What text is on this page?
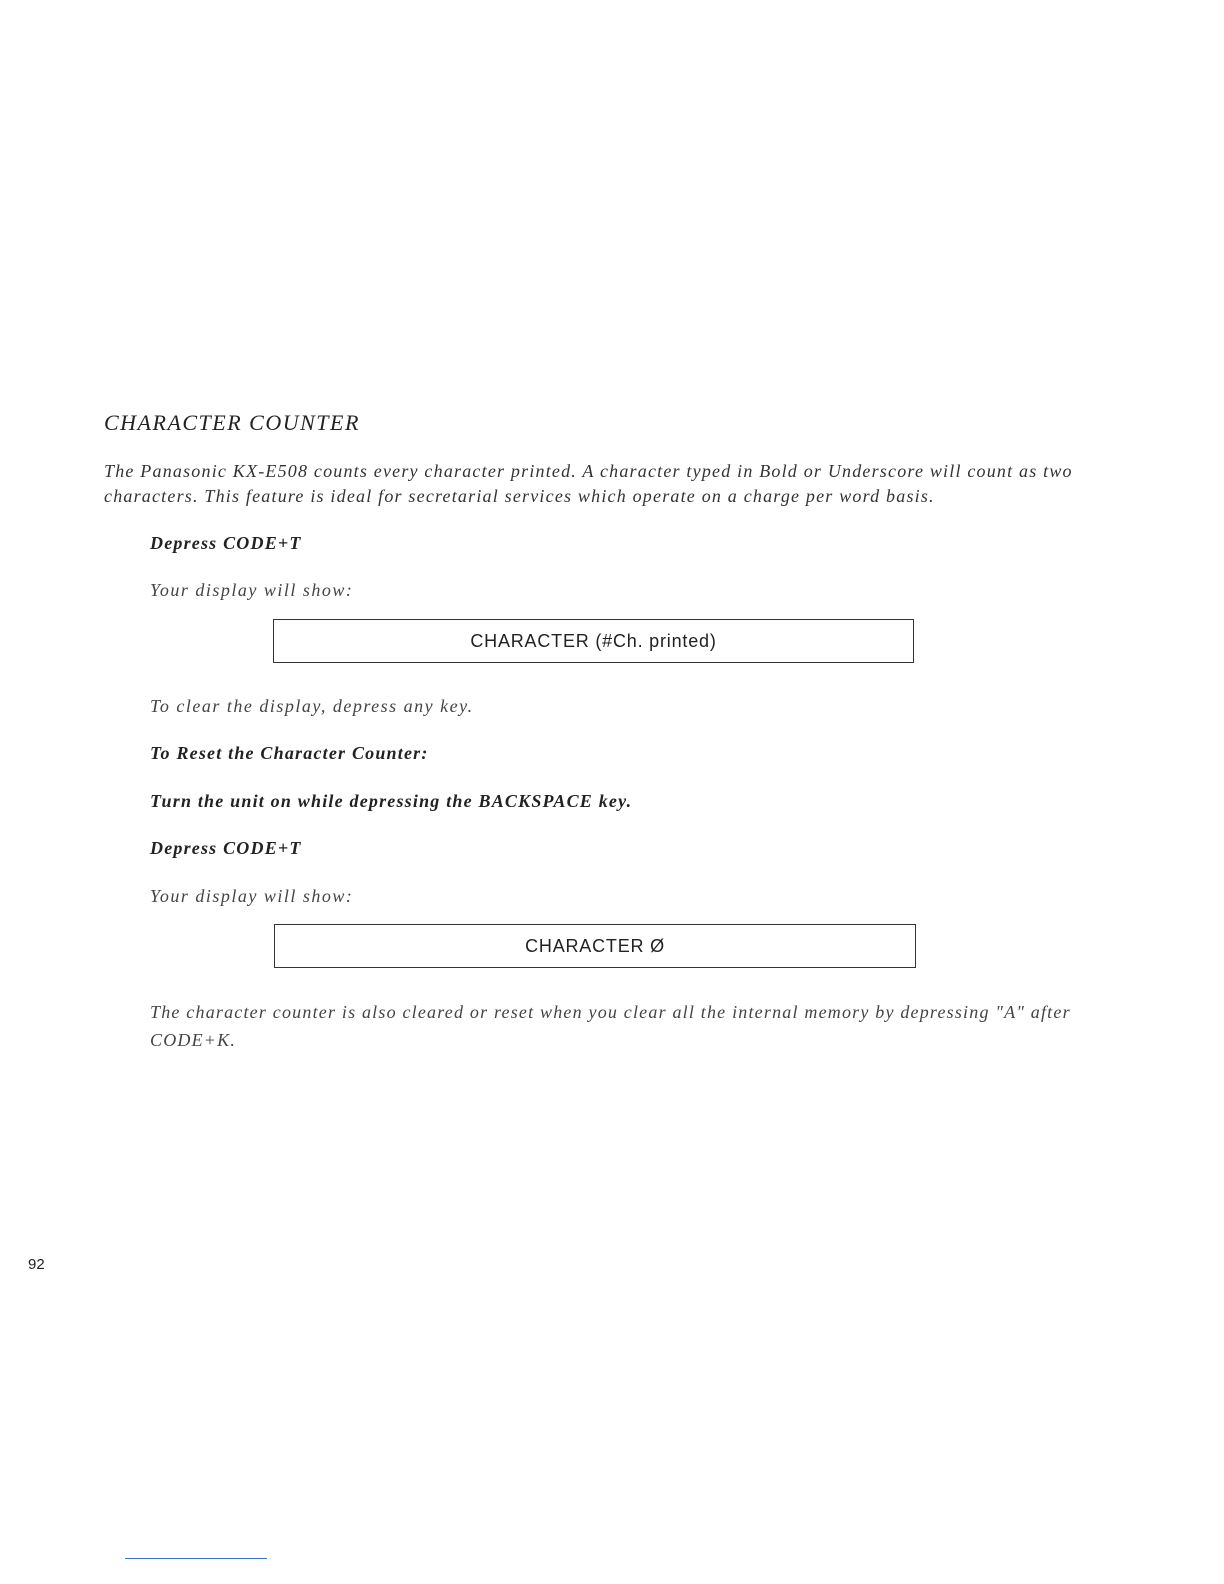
CHARACTER COUNTER
The Panasonic KX-E508 counts every character printed. A character typed in Bold or Underscore will count as two characters. This feature is ideal for secretarial services which operate on a charge per word basis.
Depress CODE+T
Your display will show:
CHARACTER (#Ch. printed)
To clear the display, depress any key.
To Reset the Character Counter:
Turn the unit on while depressing the BACKSPACE key.
Depress CODE+T
Your display will show:
CHARACTER Ø
The character counter is also cleared or reset when you clear all the internal memory by depressing "A" after CODE+K.
92
